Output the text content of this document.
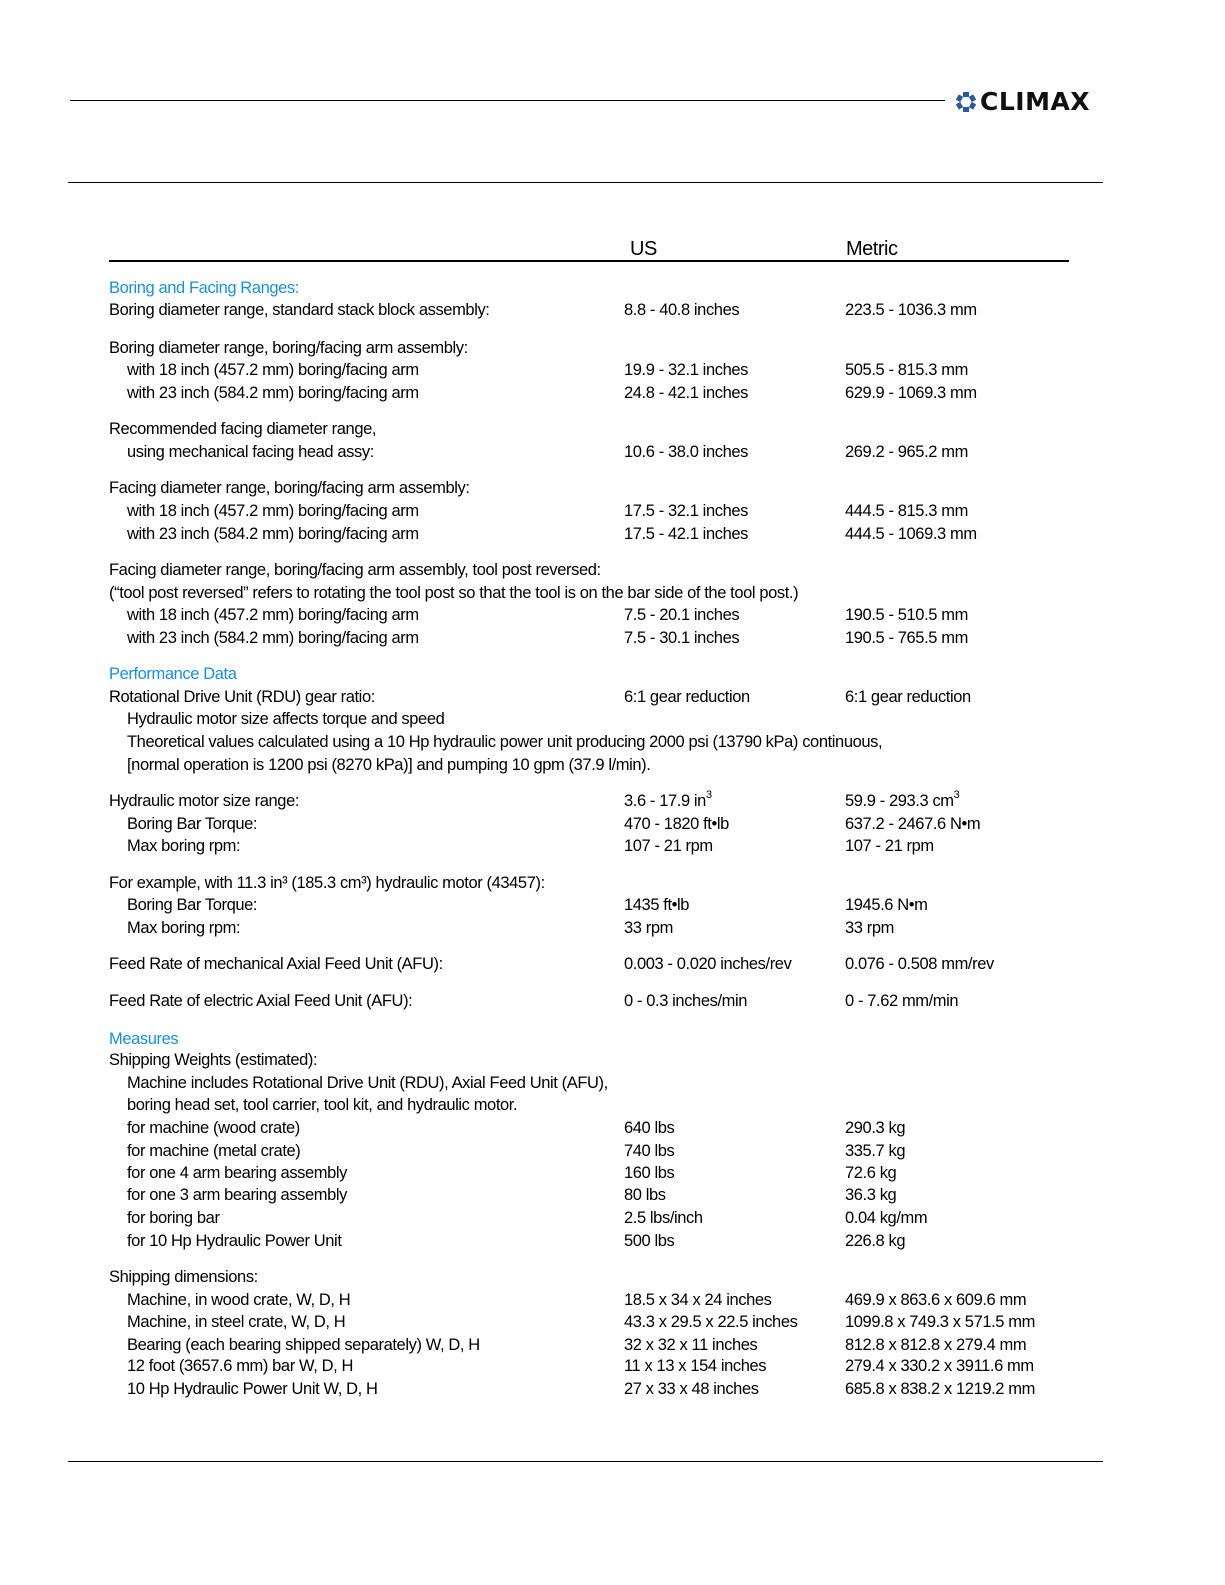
CLIMAX
US	Metric
Boring and Facing Ranges:
Boring diameter range, standard stack block assembly:	8.8 - 40.8 inches	223.5 - 1036.3 mm
Boring diameter range, boring/facing arm assembly:
with 18 inch (457.2 mm) boring/facing arm	19.9 - 32.1 inches	505.5 - 815.3 mm
with 23 inch (584.2 mm) boring/facing arm	24.8 - 42.1 inches	629.9 - 1069.3 mm
Recommended facing diameter range,
using mechanical facing head assy:	10.6 - 38.0 inches	269.2 - 965.2 mm
Facing diameter range, boring/facing arm assembly:
with 18 inch (457.2 mm) boring/facing arm	17.5 - 32.1 inches	444.5 - 815.3 mm
with 23 inch (584.2 mm) boring/facing arm	17.5 - 42.1 inches	444.5 - 1069.3 mm
Facing diameter range, boring/facing arm assembly, tool post reversed:
(“tool post reversed” refers to rotating the tool post so that the tool is on the bar side of the tool post.)
with 18 inch (457.2 mm) boring/facing arm	7.5 - 20.1 inches	190.5 - 510.5 mm
with 23 inch (584.2 mm) boring/facing arm	7.5 - 30.1 inches	190.5 - 765.5 mm
Performance Data
Rotational Drive Unit (RDU) gear ratio:	6:1 gear reduction	6:1 gear reduction
Hydraulic motor size affects torque and speed
Theoretical values calculated using a 10 Hp hydraulic power unit producing 2000 psi (13790 kPa) continuous,
[normal operation is 1200 psi (8270 kPa)] and pumping 10 gpm (37.9 l/min).
Hydraulic motor size range:	3.6 - 17.9 $in^3$	59.9 - 293.3 $cm^3$
Boring Bar Torque:	470 - 1820 ft•lb	637.2 - 2467.6 N•m
Max boring rpm:	107 - 21 rpm	107 - 21 rpm
For example, with 11.3 in³ (185.3 cm³) hydraulic motor (43457):
Boring Bar Torque:	1435 ft•lb	1945.6 N•m
Max boring rpm:	33 rpm	33 rpm
Feed Rate of mechanical Axial Feed Unit (AFU):	0.003 - 0.020 inches/rev	0.076 - 0.508 mm/rev
Feed Rate of electric Axial Feed Unit (AFU):	0 - 0.3 inches/min	0 - 7.62 mm/min
Measures
Shipping Weights (estimated):
Machine includes Rotational Drive Unit (RDU), Axial Feed Unit (AFU),
boring head set, tool carrier, tool kit, and hydraulic motor.
for machine (wood crate)	640 lbs	290.3 kg
for machine (metal crate)	740 lbs	335.7 kg
for one 4 arm bearing assembly	160 lbs	72.6 kg
for one 3 arm bearing assembly	80 lbs	36.3 kg
for boring bar	2.5 lbs/inch	0.04 kg/mm
for 10 Hp Hydraulic Power Unit	500 lbs	226.8 kg
Shipping dimensions:
Machine, in wood crate, W, D, H	18.5 x 34 x 24 inches	469.9 x 863.6 x 609.6 mm
Machine, in steel crate, W, D, H	43.3 x 29.5 x 22.5 inches	1099.8 x 749.3 x 571.5 mm
Bearing (each bearing shipped separately) W, D, H	32 x 32 x 11 inches	812.8 x 812.8 x 279.4 mm
12 foot (3657.6 mm) bar W, D, H	11 x 13 x 154 inches	279.4 x 330.2 x 3911.6 mm
10 Hp Hydraulic Power Unit W, D, H	27 x 33 x 48 inches	685.8 x 838.2 x 1219.2 mm
